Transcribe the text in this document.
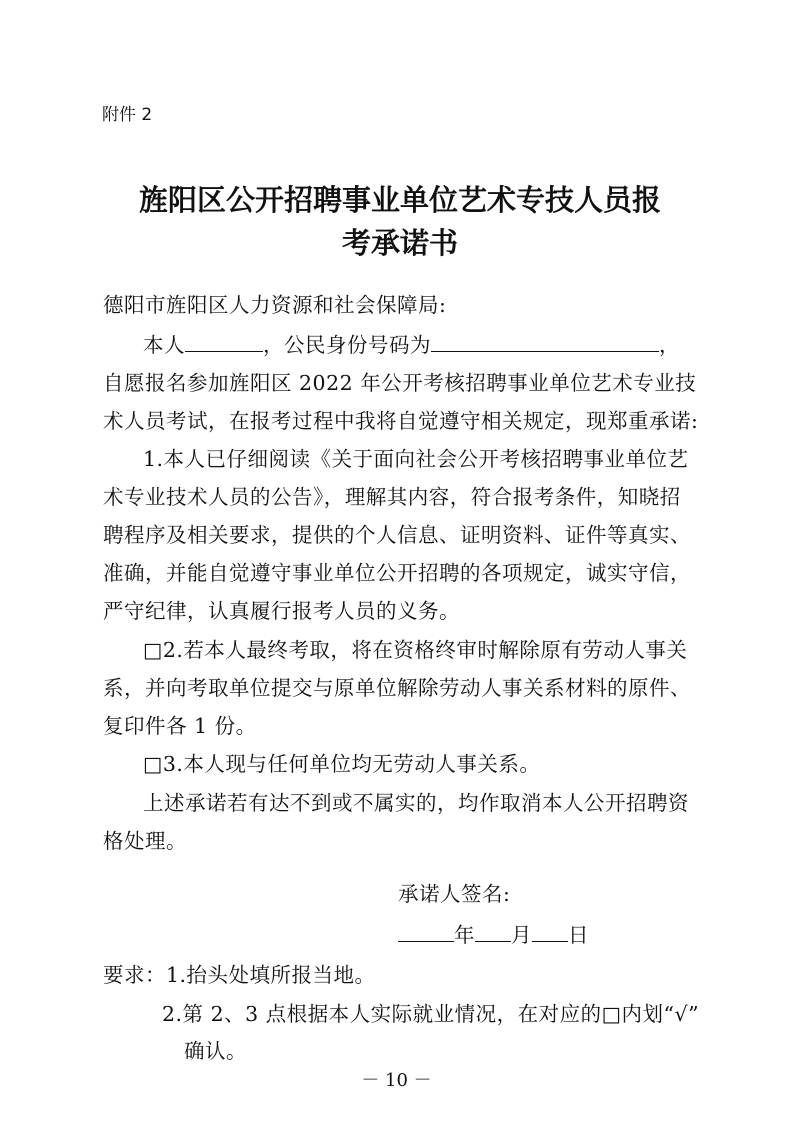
附件 2
旌阳区公开招聘事业单位艺术专技人员报
考承诺书
德阳市旌阳区人力资源和社会保障局:
本人	，公民身份号码为	，
自愿报名参加旌阳区 2022 年公开考核招聘事业单位艺术专业技
术人员考试，在报考过程中我将自觉遵守相关规定，现郑重承诺:
1.本人已仔细阅读《关于面向社会公开考核招聘事业单位艺
术专业技术人员的公告》，理解其内容，符合报考条件，知晓招
聘程序及相关要求，提供的个人信息、证明资料、证件等真实、
准确，并能自觉遵守事业单位公开招聘的各项规定，诚实守信，
严守纪律，认真履行报考人员的义务。
□2.若本人最终考取，将在资格终审时解除原有劳动人事关
系，并向考取单位提交与原单位解除劳动人事关系材料的原件、
复印件各 1 份。
□3.本人现与任何单位均无劳动人事关系。
上述承诺若有达不到或不属实的，均作取消本人公开招聘资
格处理。
承诺人签名:
年 月 日
要求：1.抬头处填所报当地。
2.第 2、3 点根据本人实际就业情况，在对应的□内划“√”
确认。
－ 10 －
